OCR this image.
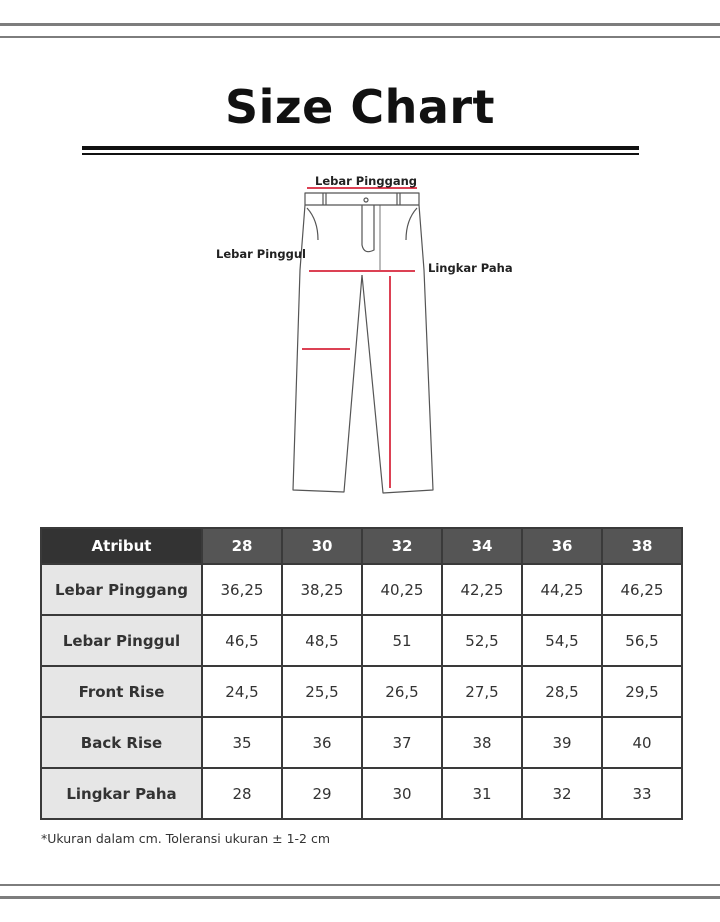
Size Chart
Lebar Pinggang
Lebar Pinggul
Lingkar Paha
Atribut	28	30	32	34	36	38
Lebar Pinggang	36,25	38,25	40,25	42,25	44,25	46,25
Lebar Pinggul	46,5	48,5	51	52,5	54,5	56,5
Front Rise	24,5	25,5	26,5	27,5	28,5	29,5
Back Rise	35	36	37	38	39	40
Lingkar Paha	28	29	30	31	32	33
*Ukuran dalam cm. Toleransi ukuran ± 1-2 cm
